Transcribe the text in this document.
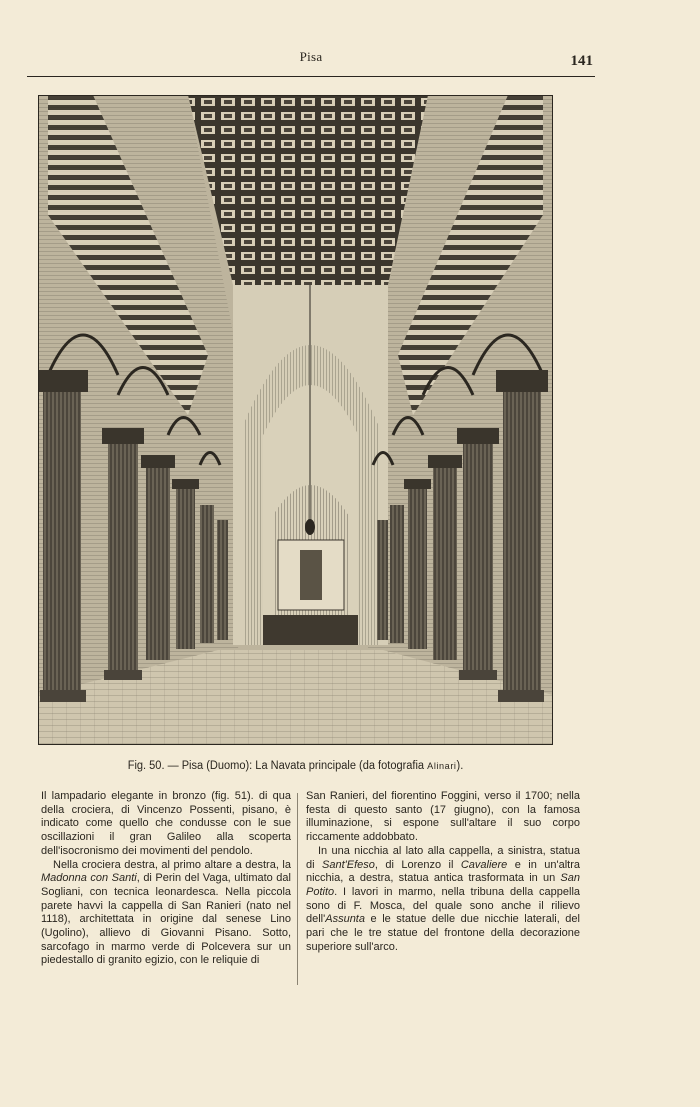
Pisa	141
Fig. 50. — Pisa (Duomo): La Navata principale (da fotografia Alinari).

Il lampadario elegante in bronzo (fig. 51). di qua della crociera, di Vincenzo Possenti, pisano, è indicato come quello che condusse con le sue oscillazioni il gran Galileo alla scoperta dell'isocronismo dei movimenti del pendolo.

Nella crociera destra, al primo altare a destra, la Madonna con Santi, di Perin del Vaga, ultimato dal Sogliani, con tecnica leonardesca. Nella piccola parete havvi la cappella di San Ranieri (nato nel 1118), architettata in origine dal senese Lino (Ugolino), allievo di Giovanni Pisano. Sotto, sarcofago in marmo verde di Polcevera sur un piedestallo di granito egizio, con le reliquie di

San Ranieri, del fiorentino Foggini, verso il 1700; nella festa di questo santo (17 giugno), con la famosa illuminazione, si espone sull'altare il suo corpo riccamente addobbato.

In una nicchia al lato alla cappella, a sinistra, statua di Sant'Efeso, di Lorenzo il Cavaliere e in un'altra nicchia, a destra, statua antica trasformata in un San Potito. I lavori in marmo, nella tribuna della cappella sono di F. Mosca, del quale sono anche il rilievo dell'Assunta e le statue delle due nicchie laterali, del pari che le tre statue del frontone della decorazione superiore sull'arco.
